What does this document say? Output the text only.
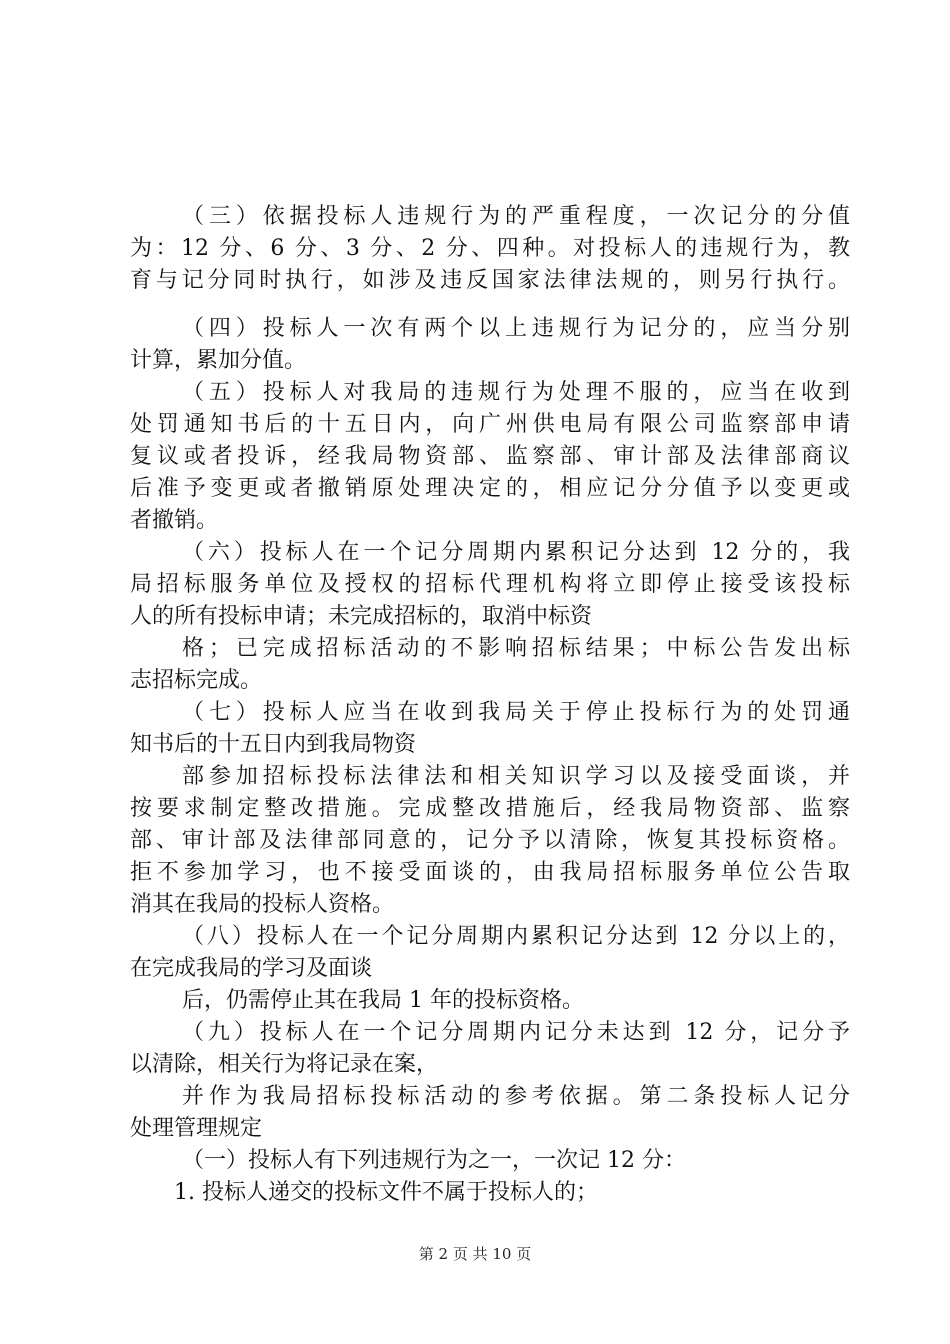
（三）依据投标人违规行为的严重程度，一次记分的分值
为：12 分、6 分、3 分、2 分、四种。对投标人的违规行为，教
育与记分同时执行，如涉及违反国家法律法规的，则另行执行。
（四）投标人一次有两个以上违规行为记分的，应当分别
计算，累加分值。
（五）投标人对我局的违规行为处理不服的，应当在收到
处罚通知书后的十五日内，向广州供电局有限公司监察部申请
复议或者投诉，经我局物资部、监察部、审计部及法律部商议
后准予变更或者撤销原处理决定的，相应记分分值予以变更或
者撤销。
（六）投标人在一个记分周期内累积记分达到 12 分的，我
局招标服务单位及授权的招标代理机构将立即停止接受该投标
人的所有投标申请；未完成招标的，取消中标资
格；已完成招标活动的不影响招标结果；中标公告发出标
志招标完成。
（七）投标人应当在收到我局关于停止投标行为的处罚通
知书后的十五日内到我局物资
部参加招标投标法律法和相关知识学习以及接受面谈，并
按要求制定整改措施。完成整改措施后，经我局物资部、监察
部、审计部及法律部同意的，记分予以清除，恢复其投标资格。
拒不参加学习，也不接受面谈的，由我局招标服务单位公告取
消其在我局的投标人资格。
（八）投标人在一个记分周期内累积记分达到 12 分以上的，
在完成我局的学习及面谈
后，仍需停止其在我局 1 年的投标资格。
（九）投标人在一个记分周期内记分未达到 12 分，记分予
以清除，相关行为将记录在案，
并作为我局招标投标活动的参考依据。第二条投标人记分
处理管理规定
（一）投标人有下列违规行为之一，一次记 12 分：
1. 投标人递交的投标文件不属于投标人的；
第 2 页 共 10 页
